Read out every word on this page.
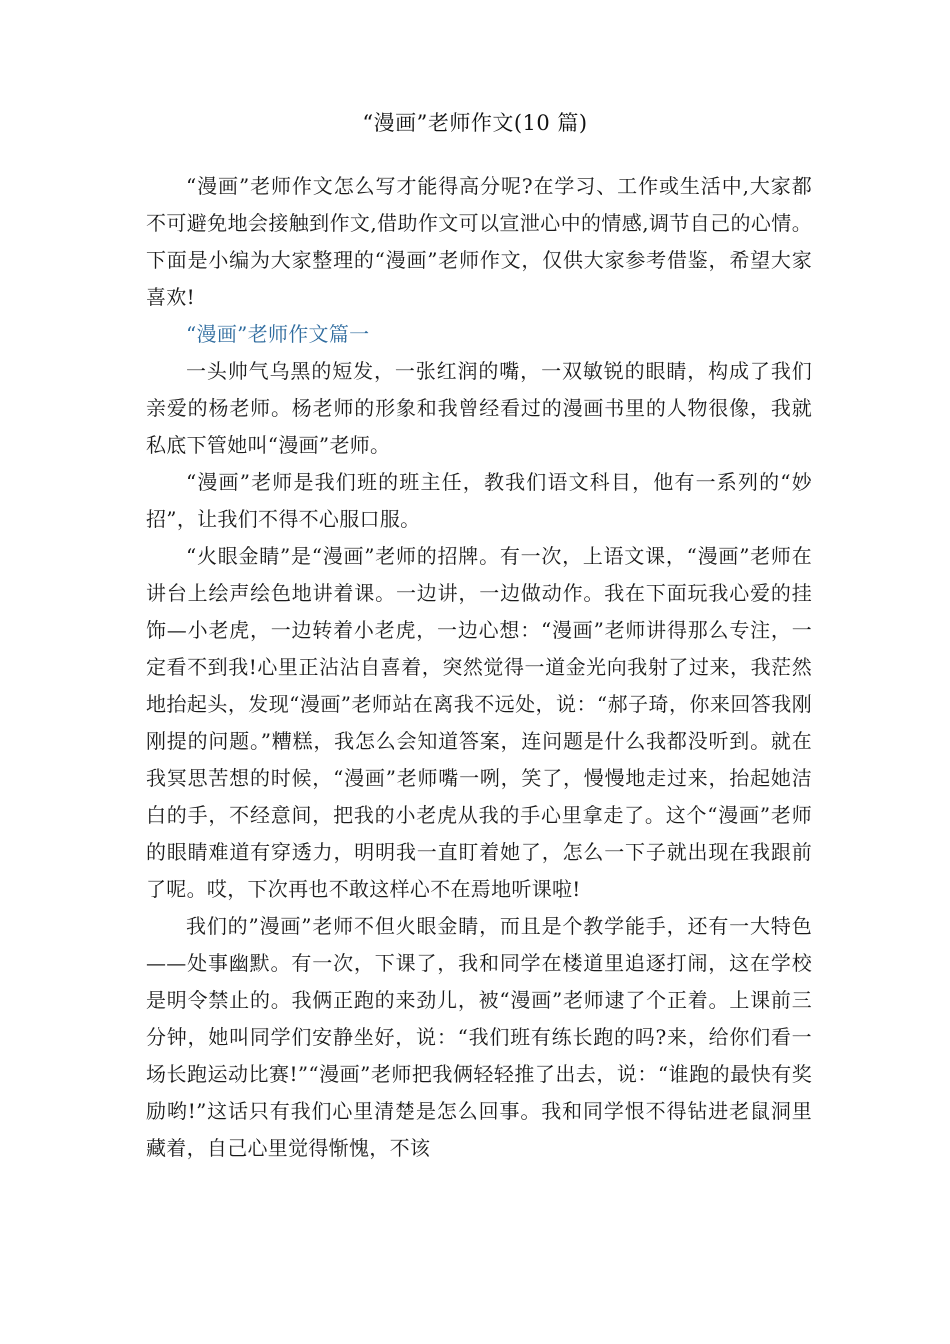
“漫画”老师作文(10 篇)

“漫画”老师作文怎么写才能得高分呢?在学习、工作或生活中,大家都不可避免地会接触到作文,借助作文可以宣泄心中的情感,调节自己的心情。下面是小编为大家整理的“漫画”老师作文，仅供大家参考借鉴，希望大家喜欢!

“漫画”老师作文篇一

一头帅气乌黑的短发，一张红润的嘴，一双敏锐的眼睛，构成了我们亲爱的杨老师。杨老师的形象和我曾经看过的漫画书里的人物很像，我就私底下管她叫“漫画”老师。

“漫画”老师是我们班的班主任，教我们语文科目，他有一系列的“妙招”，让我们不得不心服口服。

“火眼金睛”是“漫画”老师的招牌。有一次，上语文课，“漫画”老师在讲台上绘声绘色地讲着课。一边讲，一边做动作。我在下面玩我心爱的挂饰—小老虎，一边转着小老虎，一边心想：“漫画”老师讲得那么专注，一定看不到我!心里正沾沾自喜着，突然觉得一道金光向我射了过来，我茫然地抬起头，发现“漫画”老师站在离我不远处，说：“郝子琦，你来回答我刚刚提的问题。”糟糕，我怎么会知道答案，连问题是什么我都没听到。就在我冥思苦想的时候，“漫画”老师嘴一咧，笑了，慢慢地走过来，抬起她洁白的手，不经意间，把我的小老虎从我的手心里拿走了。这个“漫画”老师的眼睛难道有穿透力，明明我一直盯着她了，怎么一下子就出现在我跟前了呢。哎，下次再也不敢这样心不在焉地听课啦!

我们的”漫画”老师不但火眼金睛，而且是个教学能手，还有一大特色——处事幽默。有一次，下课了，我和同学在楼道里追逐打闹，这在学校是明令禁止的。我俩正跑的来劲儿，被“漫画”老师逮了个正着。上课前三分钟，她叫同学们安静坐好，说：“我们班有练长跑的吗?来，给你们看一场长跑运动比赛!”“漫画”老师把我俩轻轻推了出去，说：“谁跑的最快有奖励哟!”这话只有我们心里清楚是怎么回事。我和同学恨不得钻进老鼠洞里藏着，自己心里觉得惭愧，不该
